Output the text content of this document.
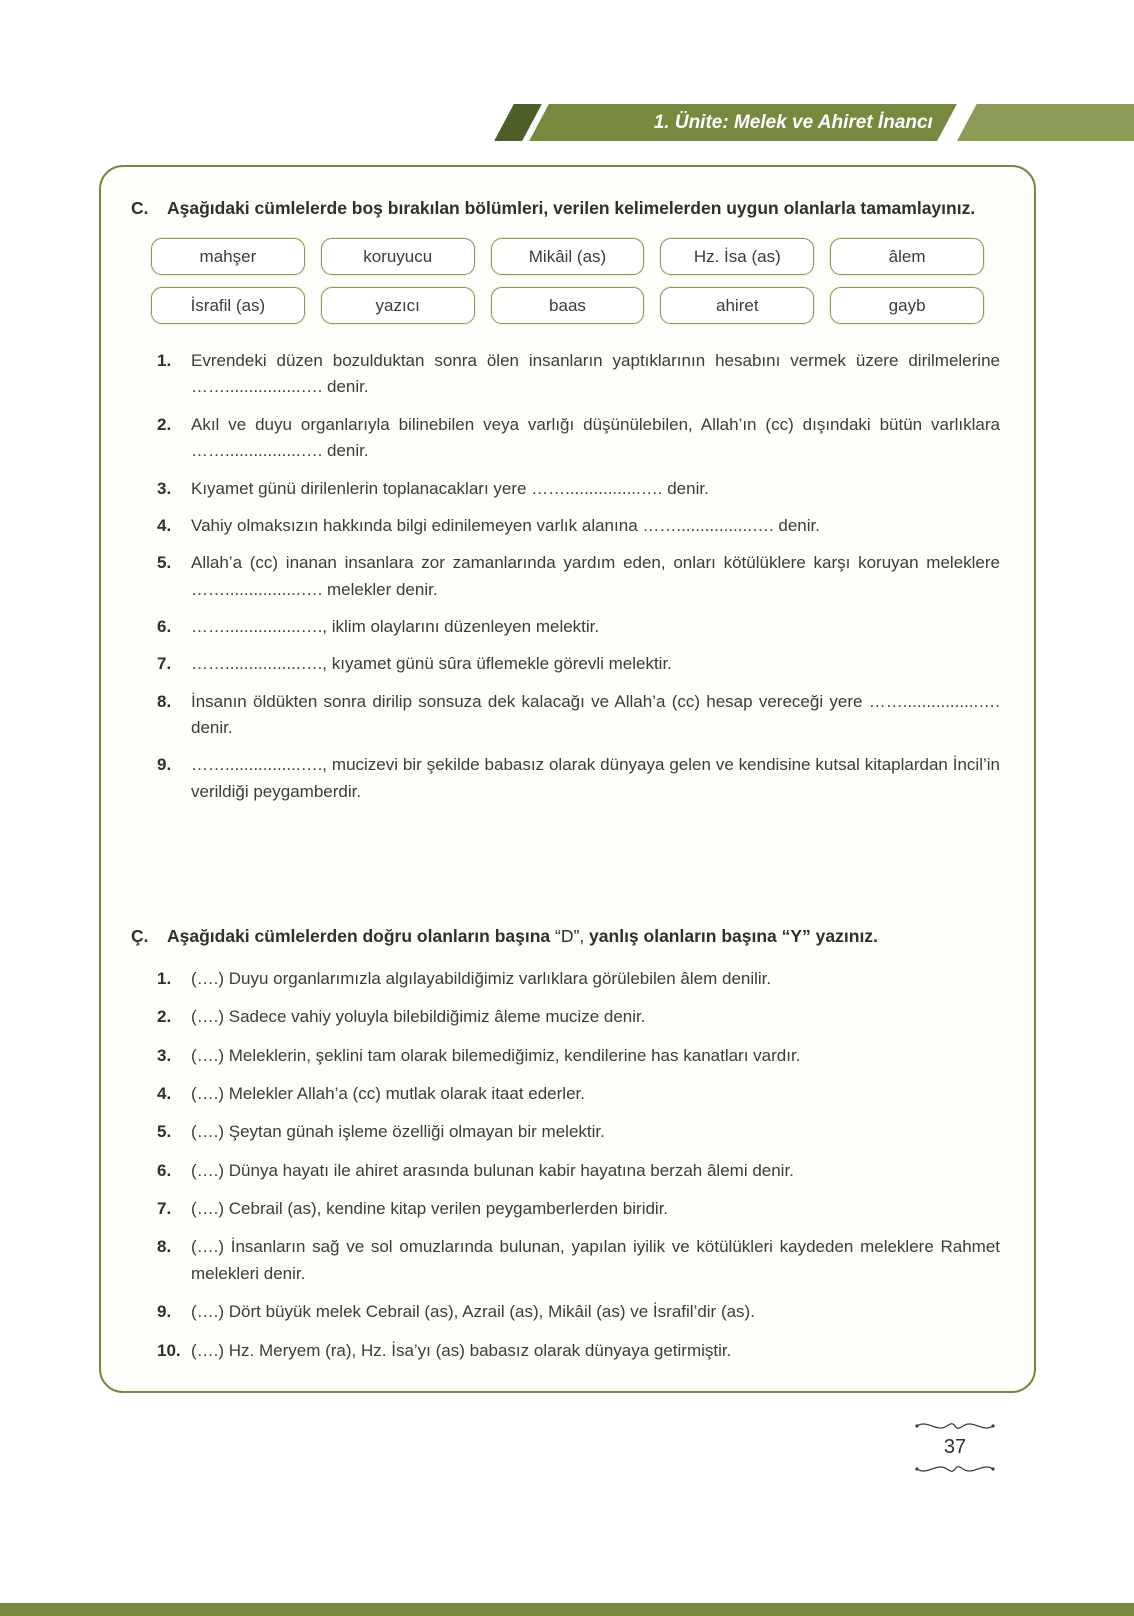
1. Ünite: Melek ve Ahiret İnancı
C.	Aşağıdaki cümlelerde boş bırakılan bölümleri, verilen kelimelerden uygun olanlarla tamamlayınız.
mahşer	koruyucu	Mikâil (as)	Hz. İsa (as)	âlem
İsrafil (as)	yazıcı	baas	ahiret	gayb
1.	Evrendeki düzen bozulduktan sonra ölen insanların yaptıklarının hesabını vermek üzere dirilmelerine ……................…. denir.
2.	Akıl ve duyu organlarıyla bilinebilen veya varlığı düşünülebilen, Allah’ın (cc) dışındaki bütün varlıklara ……................…. denir.
3.	Kıyamet günü dirilenlerin toplanacakları yere ……................…. denir.
4.	Vahiy olmaksızın hakkında bilgi edinilemeyen varlık alanına ……................…. denir.
5.	Allah’a (cc) inanan insanlara zor zamanlarında yardım eden, onları kötülüklere karşı koruyan meleklere ……................…. melekler denir.
6.	……................…., iklim olaylarını düzenleyen melektir.
7.	……................…., kıyamet günü sûra üflemekle görevli melektir.
8.	İnsanın öldükten sonra dirilip sonsuza dek kalacağı ve Allah’a (cc) hesap vereceği yere ……................…. denir.
9.	……................…., mucizevi bir şekilde babasız olarak dünyaya gelen ve kendisine kutsal kitaplardan İncil’in verildiği peygamberdir.
Ç.	Aşağıdaki cümlelerden doğru olanların başına “D”, yanlış olanların başına “Y” yazınız.
1.	(….) Duyu organlarımızla algılayabildiğimiz varlıklara görülebilen âlem denilir.
2.	(….) Sadece vahiy yoluyla bilebildiğimiz âleme mucize denir.
3.	(….) Meleklerin, şeklini tam olarak bilemediğimiz, kendilerine has kanatları vardır.
4.	(….) Melekler Allah’a (cc) mutlak olarak itaat ederler.
5.	(….) Şeytan günah işleme özelliği olmayan bir melektir.
6.	(….) Dünya hayatı ile ahiret arasında bulunan kabir hayatına berzah âlemi denir.
7.	(….) Cebrail (as), kendine kitap verilen peygamberlerden biridir.
8.	(….) İnsanların sağ ve sol omuzlarında bulunan, yapılan iyilik ve kötülükleri kaydeden meleklere Rahmet melekleri denir.
9.	(….) Dört büyük melek Cebrail (as), Azrail (as), Mikâil (as) ve İsrafil’dir (as).
10. (….) Hz. Meryem (ra), Hz. İsa’yı (as) babasız olarak dünyaya getirmiştir.
37
